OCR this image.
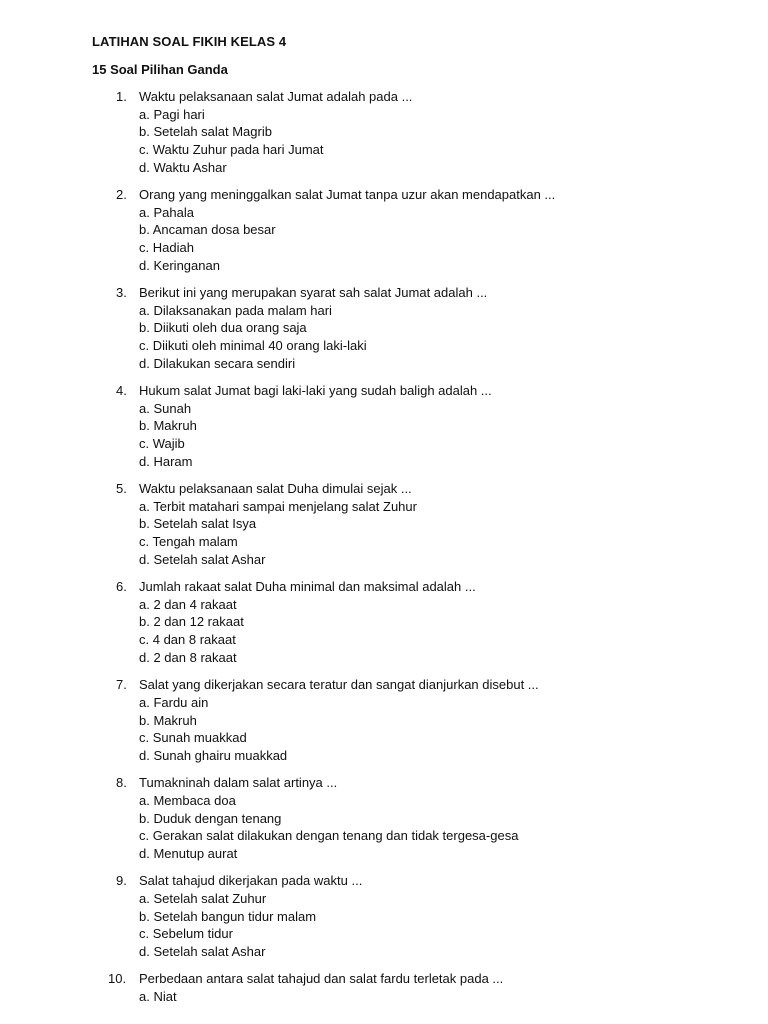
LATIHAN SOAL FIKIH KELAS 4
15 Soal Pilihan Ganda
1. Waktu pelaksanaan salat Jumat adalah pada ...
a. Pagi hari
b. Setelah salat Magrib
c. Waktu Zuhur pada hari Jumat
d. Waktu Ashar
2. Orang yang meninggalkan salat Jumat tanpa uzur akan mendapatkan ...
a. Pahala
b. Ancaman dosa besar
c. Hadiah
d. Keringanan
3. Berikut ini yang merupakan syarat sah salat Jumat adalah ...
a. Dilaksanakan pada malam hari
b. Diikuti oleh dua orang saja
c. Diikuti oleh minimal 40 orang laki-laki
d. Dilakukan secara sendiri
4. Hukum salat Jumat bagi laki-laki yang sudah baligh adalah ...
a. Sunah
b. Makruh
c. Wajib
d. Haram
5. Waktu pelaksanaan salat Duha dimulai sejak ...
a. Terbit matahari sampai menjelang salat Zuhur
b. Setelah salat Isya
c. Tengah malam
d. Setelah salat Ashar
6. Jumlah rakaat salat Duha minimal dan maksimal adalah ...
a. 2 dan 4 rakaat
b. 2 dan 12 rakaat
c. 4 dan 8 rakaat
d. 2 dan 8 rakaat
7. Salat yang dikerjakan secara teratur dan sangat dianjurkan disebut ...
a. Fardu ain
b. Makruh
c. Sunah muakkad
d. Sunah ghairu muakkad
8. Tumakninah dalam salat artinya ...
a. Membaca doa
b. Duduk dengan tenang
c. Gerakan salat dilakukan dengan tenang dan tidak tergesa-gesa
d. Menutup aurat
9. Salat tahajud dikerjakan pada waktu ...
a. Setelah salat Zuhur
b. Setelah bangun tidur malam
c. Sebelum tidur
d. Setelah salat Ashar
10. Perbedaan antara salat tahajud dan salat fardu terletak pada ...
a. Niat
